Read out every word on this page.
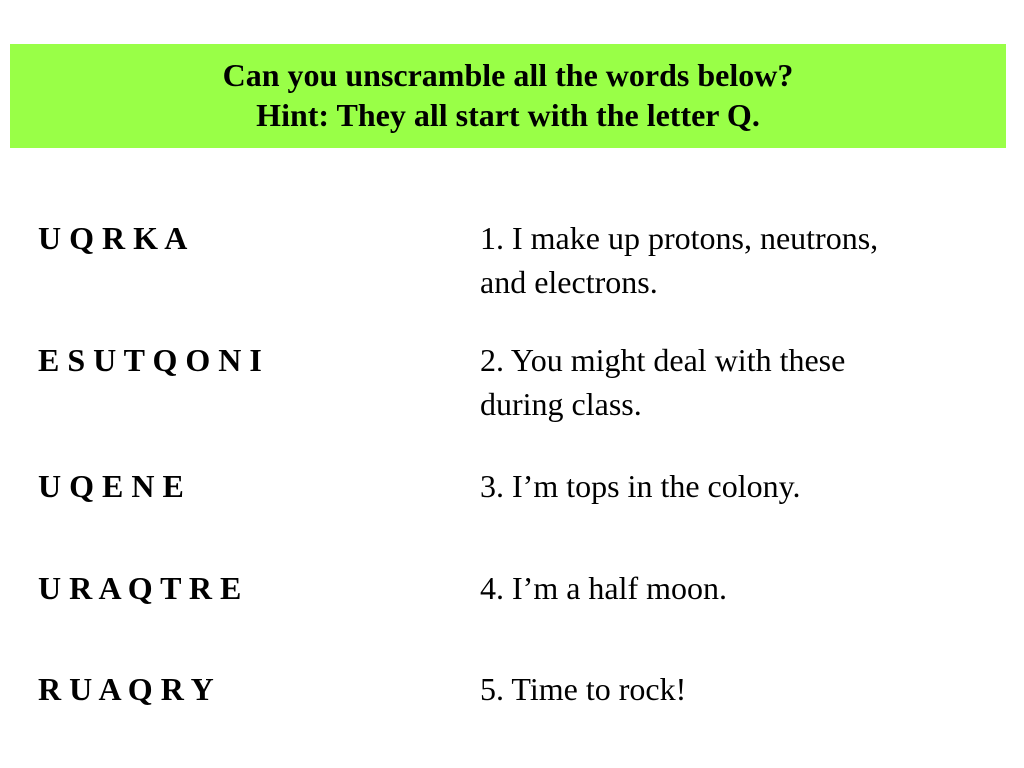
Can you unscramble all the words below?
Hint: They all start with the letter Q.
U Q R K A	1. I make up protons, neutrons,
and electrons.
E S U T Q O N I	2. You might deal with these
during class.
U Q E N E	3. I’m tops in the colony.
U R A Q T R E	4. I’m a half moon.
R U A Q R Y	5. Time to rock!
